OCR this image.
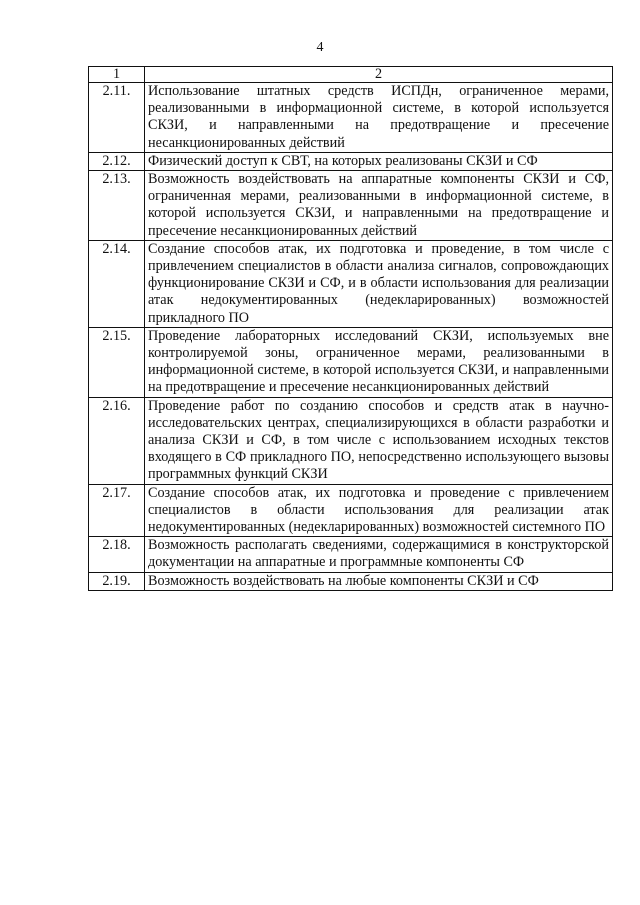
4
1	2
2.11.	Использование штатных средств ИСПДн, ограниченное мерами, реализованными в информационной системе, в которой используется СКЗИ, и направленными на предотвращение и пресечение несанкционированных действий
2.12.	Физический доступ к СВТ, на которых реализованы СКЗИ и СФ
2.13.	Возможность воздействовать на аппаратные компоненты СКЗИ и СФ, ограниченная мерами, реализованными в информационной системе, в которой используется СКЗИ, и направленными на предотвращение и пресечение несанкционированных действий
2.14.	Создание способов атак, их подготовка и проведение, в том числе с привлечением специалистов в области анализа сигналов, сопровождающих функционирование СКЗИ и СФ, и в области использования для реализации атак недокументированных (недекларированных) возможностей прикладного ПО
2.15.	Проведение лабораторных исследований СКЗИ, используемых вне контролируемой зоны, ограниченное мерами, реализованными в информационной системе, в которой используется СКЗИ, и направленными на предотвращение и пресечение несанкционированных действий
2.16.	Проведение работ по созданию способов и средств атак в научно-исследовательских центрах, специализирующихся в области разработки и анализа СКЗИ и СФ, в том числе с использованием исходных текстов входящего в СФ прикладного ПО, непосредственно использующего вызовы программных функций СКЗИ
2.17.	Создание способов атак, их подготовка и проведение с привлечением специалистов в области использования для реализации атак недокументированных (недекларированных) возможностей системного ПО
2.18.	Возможность располагать сведениями, содержащимися в конструкторской документации на аппаратные и программные компоненты СФ
2.19.	Возможность воздействовать на любые компоненты СКЗИ и СФ
